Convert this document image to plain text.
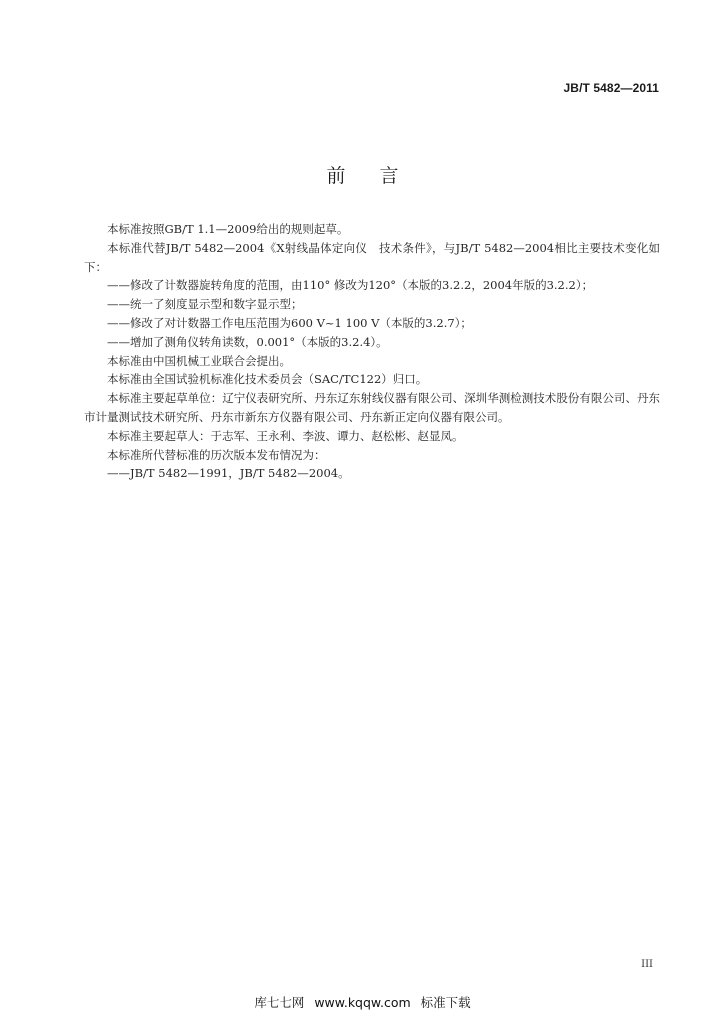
JB/T 5482—2011
前 言

本标准按照GB/T 1.1—2009给出的规则起草。

本标准代替JB/T 5482—2004《X射线晶体定向仪　技术条件》，与JB/T 5482—2004相比主要技术变化如下：

——修改了计数器旋转角度的范围，由110° 修改为120°（本版的3.2.2，2004年版的3.2.2）；

——统一了刻度显示型和数字显示型；

——修改了对计数器工作电压范围为600 V~1 100 V（本版的3.2.7）；

——增加了测角仪转角读数，0.001°（本版的3.2.4）。

本标准由中国机械工业联合会提出。

本标准由全国试验机标准化技术委员会（SAC/TC122）归口。

本标准主要起草单位：辽宁仪表研究所、丹东辽东射线仪器有限公司、深圳华测检测技术股份有限公司、丹东市计量测试技术研究所、丹东市新东方仪器有限公司、丹东新正定向仪器有限公司。

本标准主要起草人：于志军、王永利、李波、谭力、赵松彬、赵显凤。

本标准所代替标准的历次版本发布情况为：

——JB/T 5482—1991，JB/T 5482—2004。

III
库七七网 www.kqqw.com 标准下载
